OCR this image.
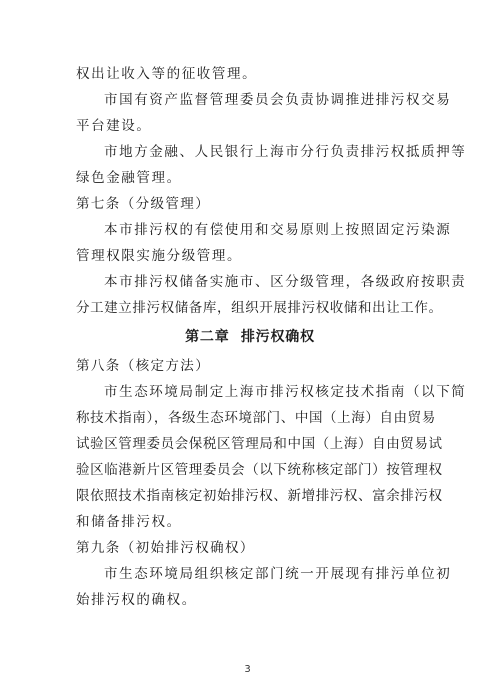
权出让收入等的征收管理。
市国有资产监督管理委员会负责协调推进排污权交易
平台建设。
市地方金融、人民银行上海市分行负责排污权抵质押等
绿色金融管理。
第七条（分级管理）
本市排污权的有偿使用和交易原则上按照固定污染源
管理权限实施分级管理。
本市排污权储备实施市、区分级管理，各级政府按职责
分工建立排污权储备库，组织开展排污权收储和出让工作。
第二章  排污权确权
第八条（核定方法）
市生态环境局制定上海市排污权核定技术指南（以下简
称技术指南），各级生态环境部门、中国（上海）自由贸易
试验区管理委员会保税区管理局和中国（上海）自由贸易试
验区临港新片区管理委员会（以下统称核定部门）按管理权
限依照技术指南核定初始排污权、新增排污权、富余排污权
和储备排污权。
第九条（初始排污权确权）
市生态环境局组织核定部门统一开展现有排污单位初
始排污权的确权。
3
